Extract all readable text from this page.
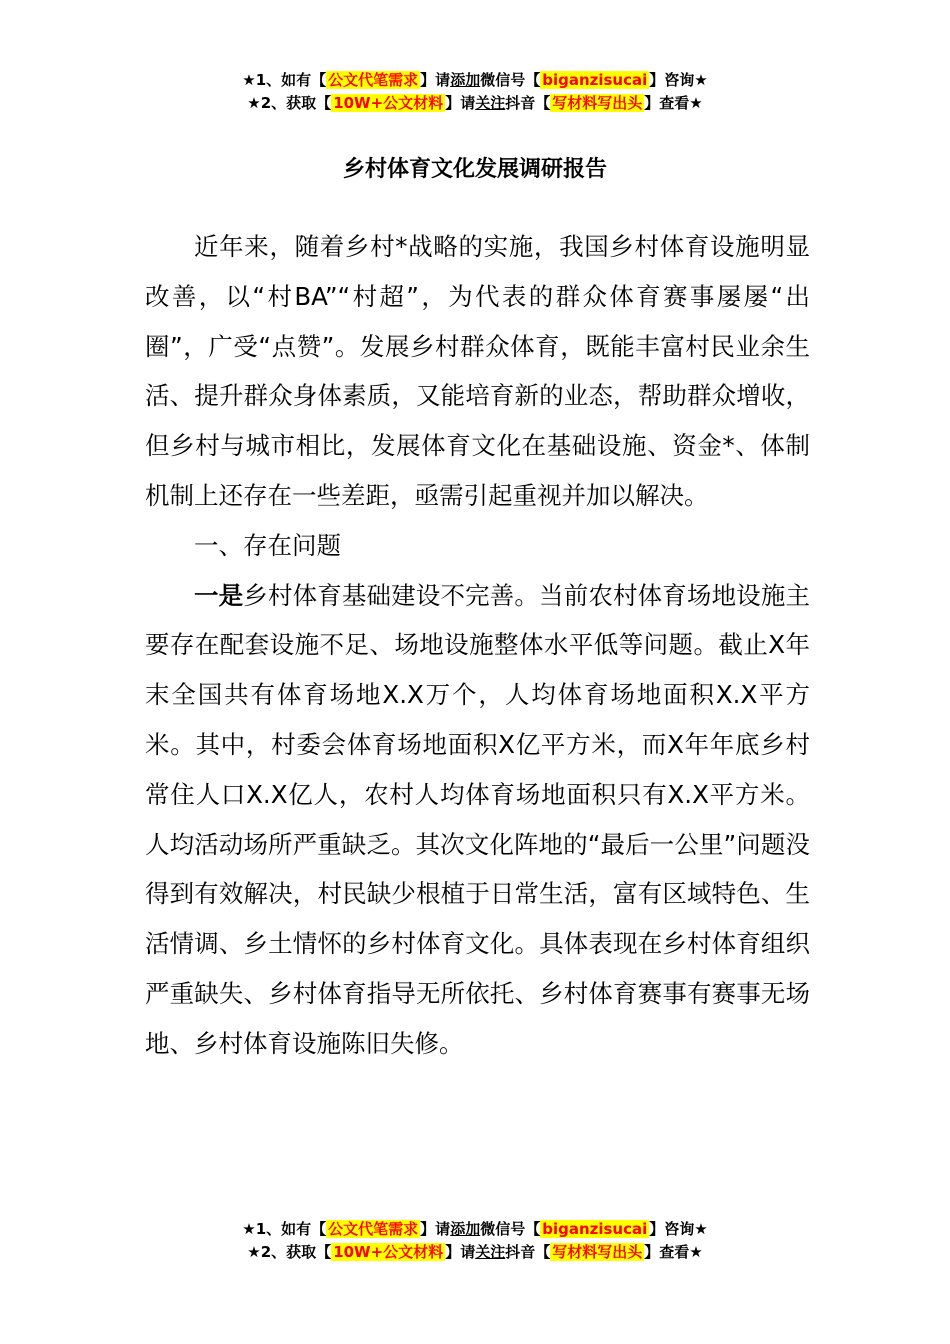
★1、如有【 公文代笔需求 】请添加微信号【 biganzisucai 】咨询★
★2、获取【 10W+公文材料 】请关注抖音【 写材料写出头 】查看★
乡村体育文化发展调研报告

近年来，随着乡村*战略的实施，我国乡村体育设施明显改善，以“村BA”“村超”，为代表的群众体育赛事屡屡“出圈”，广受“点赞”。发展乡村群众体育，既能丰富村民业余生活、提升群众身体素质，又能培育新的业态，帮助群众增收，但乡村与城市相比，发展体育文化在基础设施、资金*、体制机制上还存在一些差距，亟需引起重视并加以解决。

一、存在问题

一是乡村体育基础建设不完善。当前农村体育场地设施主要存在配套设施不足、场地设施整体水平低等问题。截止X年末全国共有体育场地X.X万个，人均体育场地面积X.X平方米。其中，村委会体育场地面积X亿平方米，而X年年底乡村常住人口X.X亿人，农村人均体育场地面积只有X.X平方米。人均活动场所严重缺乏。其次文化阵地的“最后一公里”问题没得到有效解决，村民缺少根植于日常生活，富有区域特色、生活情调、乡土情怀的乡村体育文化。具体表现在乡村体育组织严重缺失、乡村体育指导无所依托、乡村体育赛事有赛事无场地、乡村体育设施陈旧失修。

★1、如有【 公文代笔需求 】请添加微信号【 biganzisucai 】咨询★
★2、获取【 10W+公文材料 】请关注抖音【 写材料写出头 】查看★
